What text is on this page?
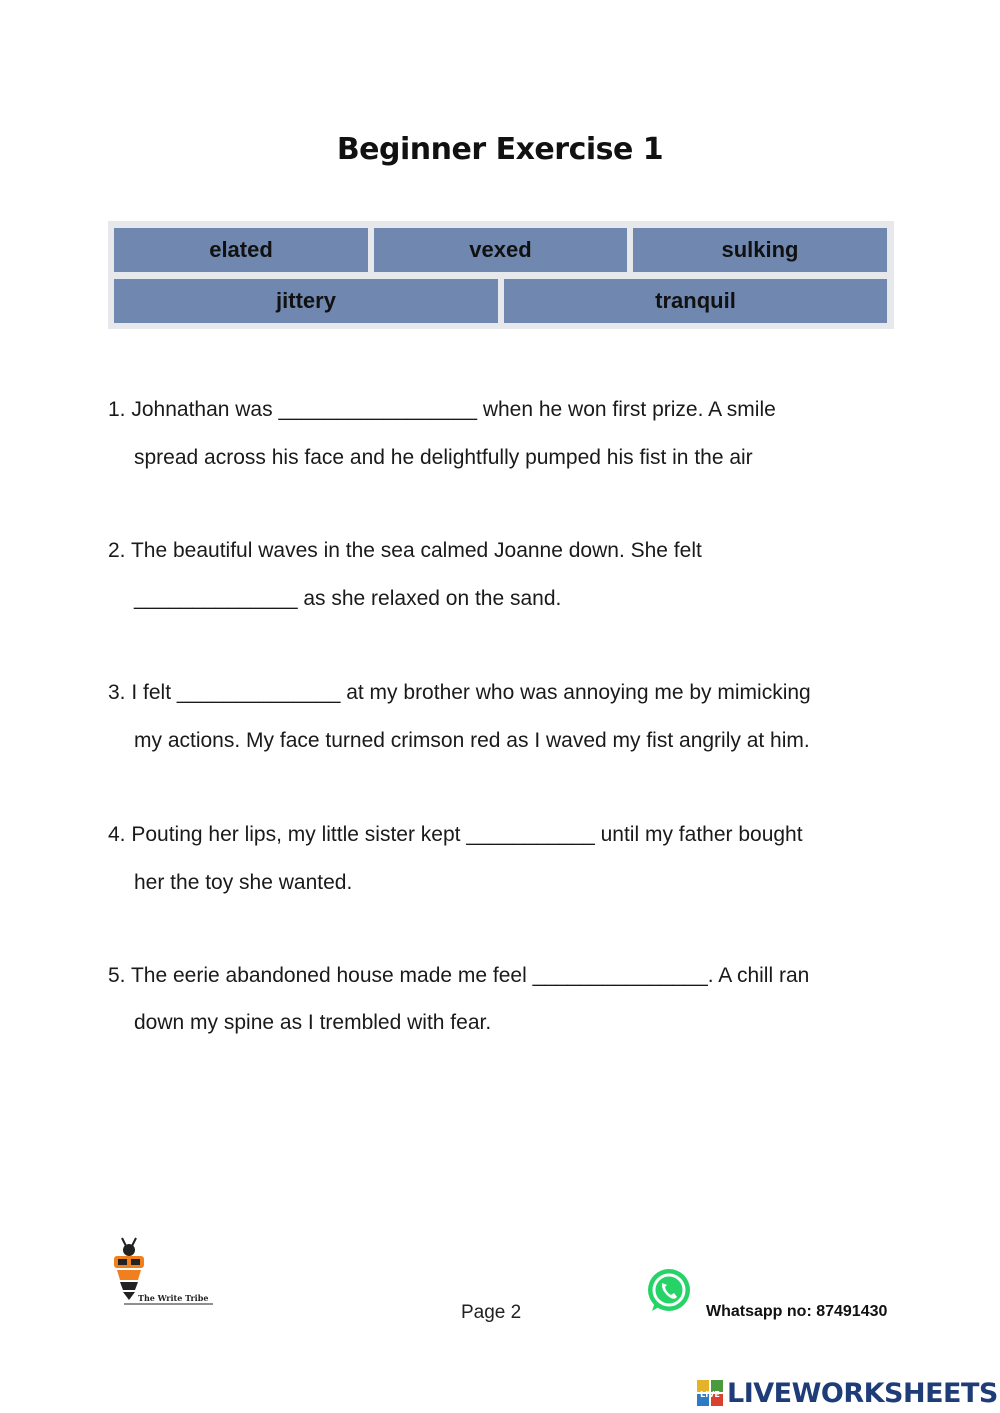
Beginner Exercise 1
elated	vexed	sulking
jittery	tranquil
1. Johnathan was _________________ when he won first prize. A smile
spread across his face and he delightfully pumped his fist in the air
2. The beautiful waves in the sea calmed Joanne down. She felt
______________ as she relaxed on the sand.
3. I felt ______________ at my brother who was annoying me by mimicking
my actions. My face turned crimson red as I waved my fist angrily at him.
4. Pouting her lips, my little sister kept ___________ until my father bought
her the toy she wanted.
5. The eerie abandoned house made me feel _______________. A chill ran
down my spine as I trembled with fear.
The Write Tribe
Page 2	Whatsapp no: 87491430
LIVE LIVEWORKSHEETS
